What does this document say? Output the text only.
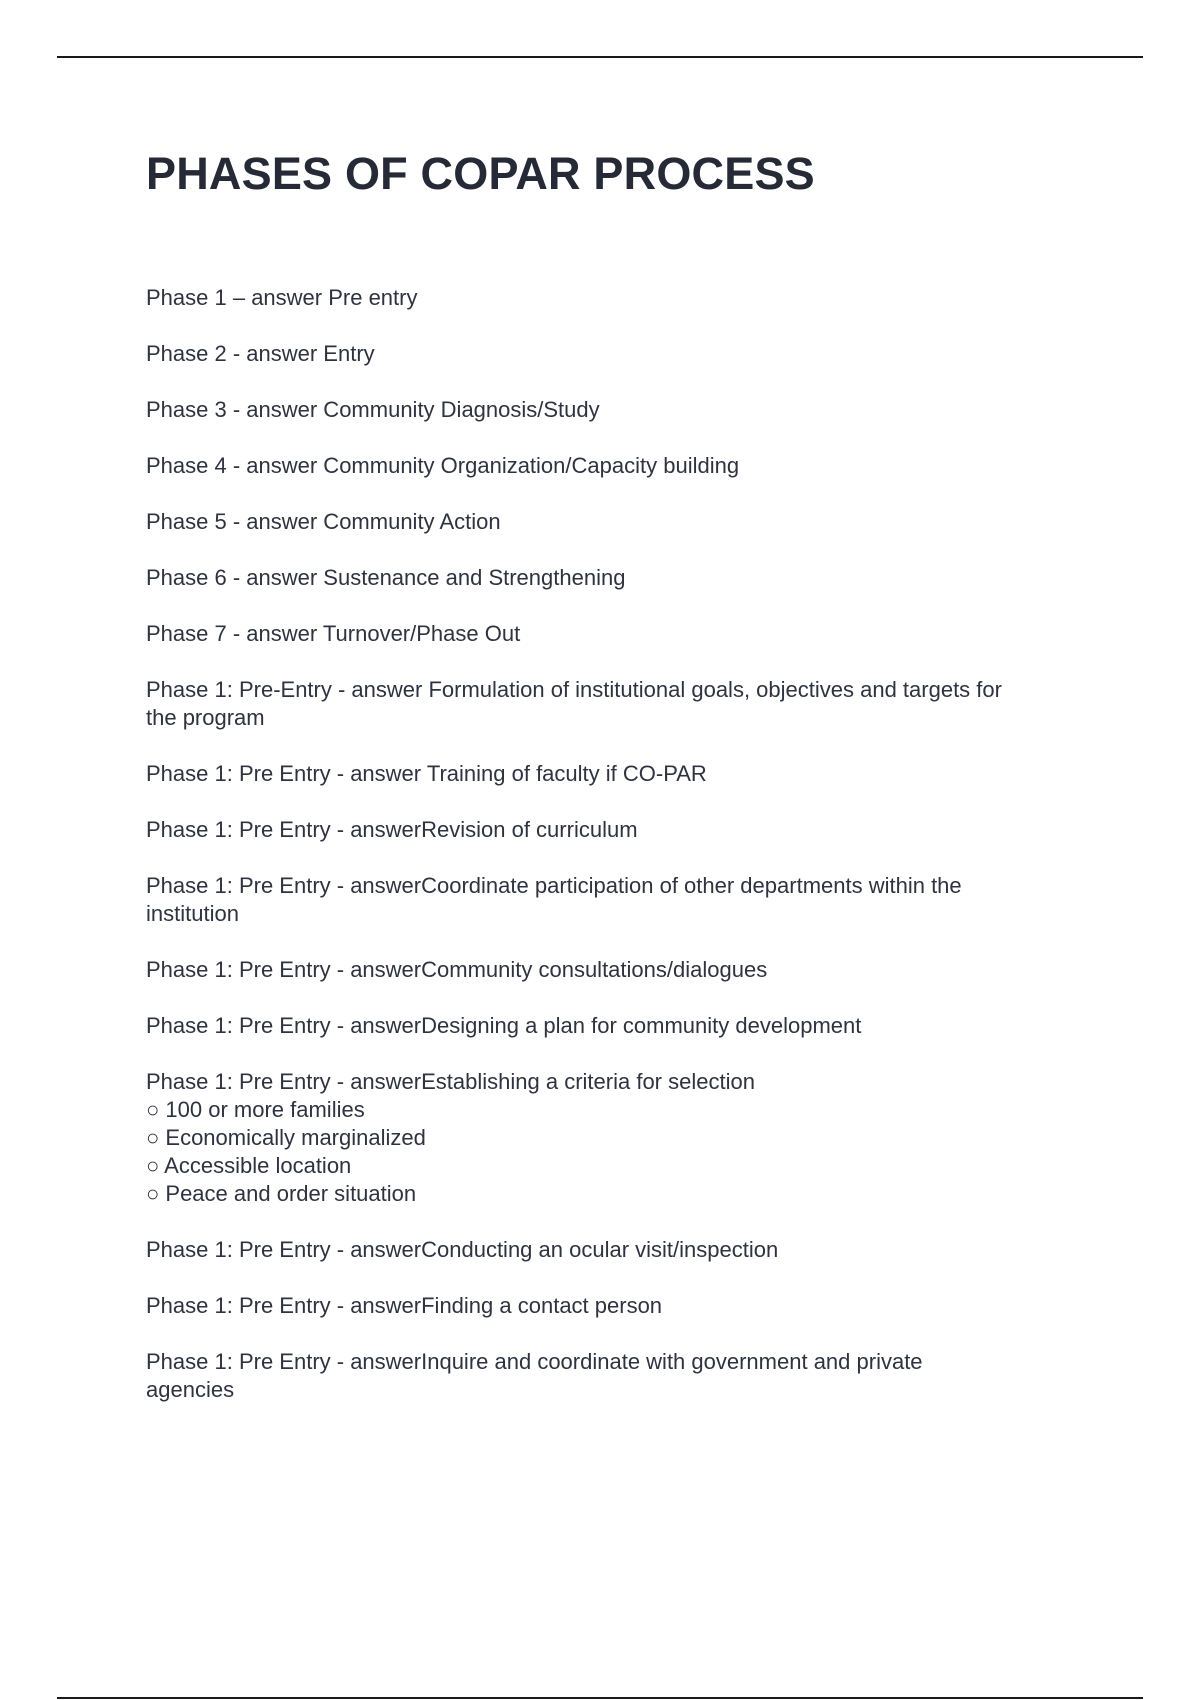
PHASES OF COPAR PROCESS
Phase 1 – answer Pre entry
Phase 2 - answer Entry
Phase 3 - answer Community Diagnosis/Study
Phase 4 - answer Community Organization/Capacity building
Phase 5 - answer Community Action
Phase 6 - answer Sustenance and Strengthening
Phase 7 - answer Turnover/Phase Out
Phase 1: Pre-Entry - answer Formulation of institutional goals, objectives and targets for
the program
Phase 1: Pre Entry - answer Training of faculty if CO-PAR
Phase 1: Pre Entry - answerRevision of curriculum
Phase 1: Pre Entry - answerCoordinate participation of other departments within the
institution
Phase 1: Pre Entry - answerCommunity consultations/dialogues
Phase 1: Pre Entry - answerDesigning a plan for community development
Phase 1: Pre Entry - answerEstablishing a criteria for selection
○ 100 or more families
○ Economically marginalized
○ Accessible location
○ Peace and order situation
Phase 1: Pre Entry - answerConducting an ocular visit/inspection
Phase 1: Pre Entry - answerFinding a contact person
Phase 1: Pre Entry - answerInquire and coordinate with government and private
agencies
